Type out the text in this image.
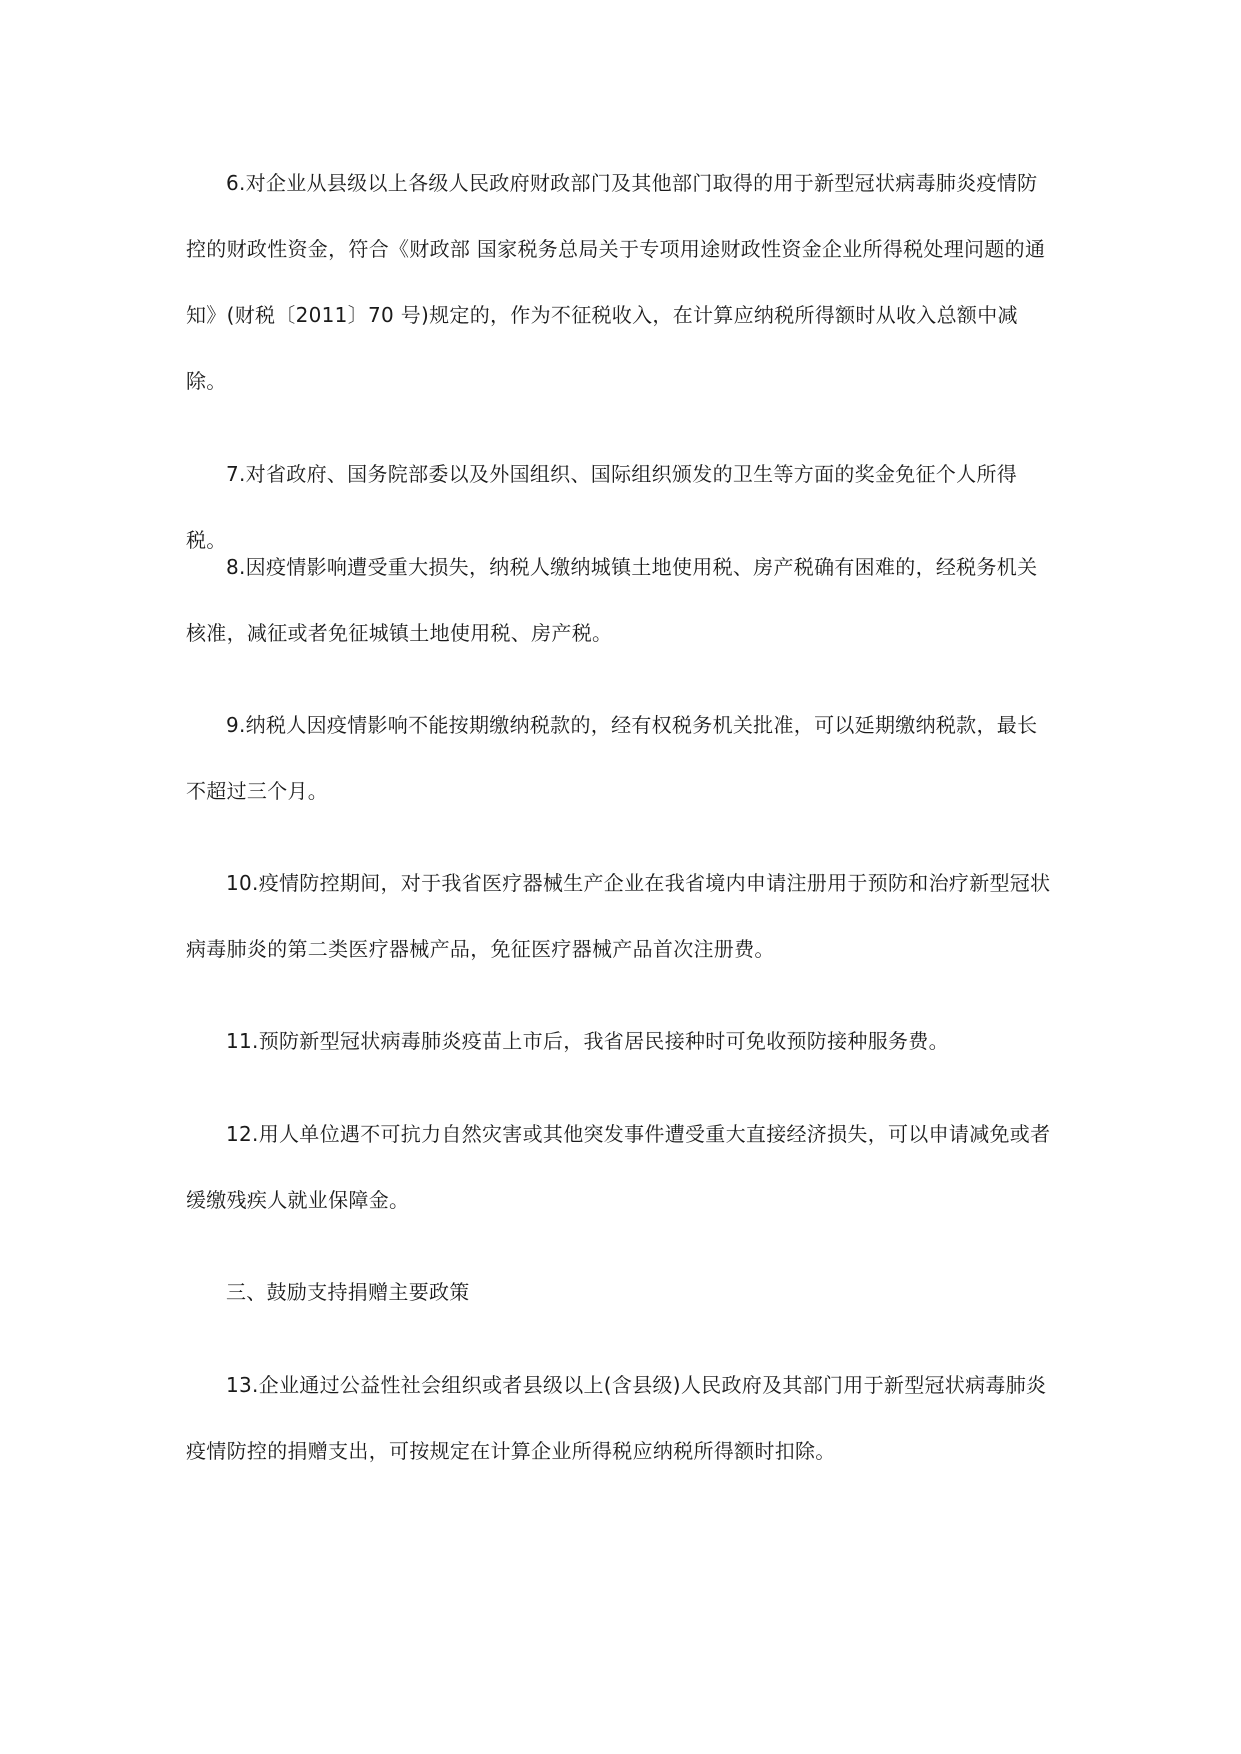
6.对企业从县级以上各级人民政府财政部门及其他部门取得的用于新型冠状病毒肺炎疫情防控的财政性资金，符合《财政部 国家税务总局关于专项用途财政性资金企业所得税处理问题的通知》(财税〔2011〕70 号)规定的，作为不征税收入，在计算应纳税所得额时从收入总额中减除。

7.对省政府、国务院部委以及外国组织、国际组织颁发的卫生等方面的奖金免征个人所得税。

8.因疫情影响遭受重大损失，纳税人缴纳城镇土地使用税、房产税确有困难的，经税务机关核准，减征或者免征城镇土地使用税、房产税。

9.纳税人因疫情影响不能按期缴纳税款的，经有权税务机关批准，可以延期缴纳税款，最长不超过三个月。

10.疫情防控期间，对于我省医疗器械生产企业在我省境内申请注册用于预防和治疗新型冠状病毒肺炎的第二类医疗器械产品，免征医疗器械产品首次注册费。

11.预防新型冠状病毒肺炎疫苗上市后，我省居民接种时可免收预防接种服务费。

12.用人单位遇不可抗力自然灾害或其他突发事件遭受重大直接经济损失，可以申请减免或者缓缴残疾人就业保障金。

三、鼓励支持捐赠主要政策

13.企业通过公益性社会组织或者县级以上(含县级)人民政府及其部门用于新型冠状病毒肺炎疫情防控的捐赠支出，可按规定在计算企业所得税应纳税所得额时扣除。
